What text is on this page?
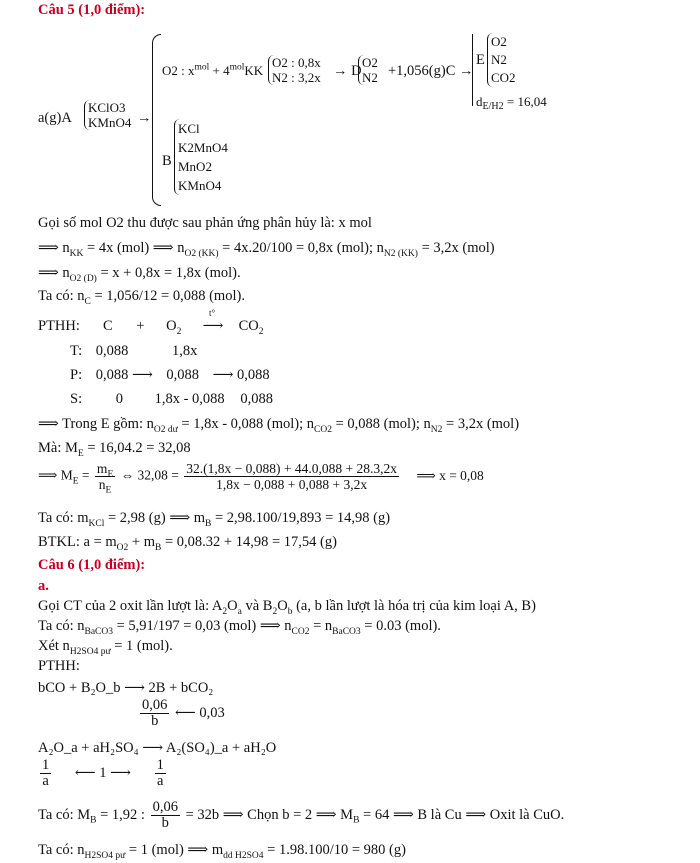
Câu 5 (1,0 điểm):
a(g)A
KClO3
KMnO4 →
O2 : $x^{mol} + 4^{mol}KK$
O2 : 0,8x
N2 : 3,2x → D
O2
N2 +1,056(g)C →
E
O2
N2
CO2
$d_{E/H2} = 16,04$
B
KCl
K2MnO4
MnO2
KMnO4
Gọi số mol O2 thu được sau phản ứng phân hủy là: x mol
⟹ $n_{KK} = 4x$ (mol) ⟹ $n_{O2 (KK)} = 4x.20/100 = 0,8x$ (mol); $n_{N2 (KK)} = 3,2x$ (mol)
⟹ $n_{O2 (D)} = x + 0,8x = 1,8x$ (mol).
Ta có: $n_C = 1,056/12 = 0,088$ (mol).
PTHH: $C + O_2$
t°
⟶ $CO_2$
T: 0,088	1,8x
P: 0,088 ⟶ 0,088 ⟶ 0,088
S: 0 1,8x - 0,088 0,088
⟹ Trong E gồm: $n_{O2 dư} = 1,8x - 0,088$ (mol); $n_{CO2} = 0,088$ (mol); $n_{N2} = 3,2x$ (mol)
Mà: $M_E = 16,04.2 = 32,08$
⟹ $M_E = \frac{m_E}{n_E}$ ⇔ $32,08 = \frac{32.(1,8x - 0,088) + 44.0,088 + 28.3,2x}{1,8x - 0,088 + 0,088 + 3,2x}$ ⟹ x = 0,08
Ta có: $m_{KCl} = 2,98$ (g) ⟹ $m_B = 2,98.100/19,893 = 14,98$ (g)
BTKL: $a = m_{O2} + m_B = 0,08.32 + 14,98 = 17,54$ (g)
Câu 6 (1,0 điểm):
a.
Gọi CT của 2 oxit lần lượt là: $A_2O_a$ và $B_2O_b$ (a, b lần lượt là hóa trị của kim loại A, B)
Ta có: $n_{BaCO3} = 5,91/197 = 0,03$ (mol) ⟹ $n_{CO2} = n_{BaCO3} = 0.03$ (mol).
Xét $n_{H2SO4 pư} = 1$ (mol).
PTHH:
bCO + B₂O_b ⟶ 2B + bCO₂
$\frac{0,06}{b}$ ⟵ 0,03
A₂O_a + aH₂SO₄ ⟶ A₂(SO₄)_a + aH₂O
$\frac{1}{a}$ ⟵ 1 ⟶ $\frac{1}{a}$
Ta có: $M_B = 1,92$ : $\frac{0,06}{b} = 32b$ ⟹ Chọn b = 2 ⟹ $M_B = 64$ ⟹ B là Cu ⟹ Oxit là CuO.
Ta có: $n_{H2SO4 pư} = 1$ (mol) ⟹ $m_{dd H2SO4} = 1.98.100/10 = 980$ (g)
